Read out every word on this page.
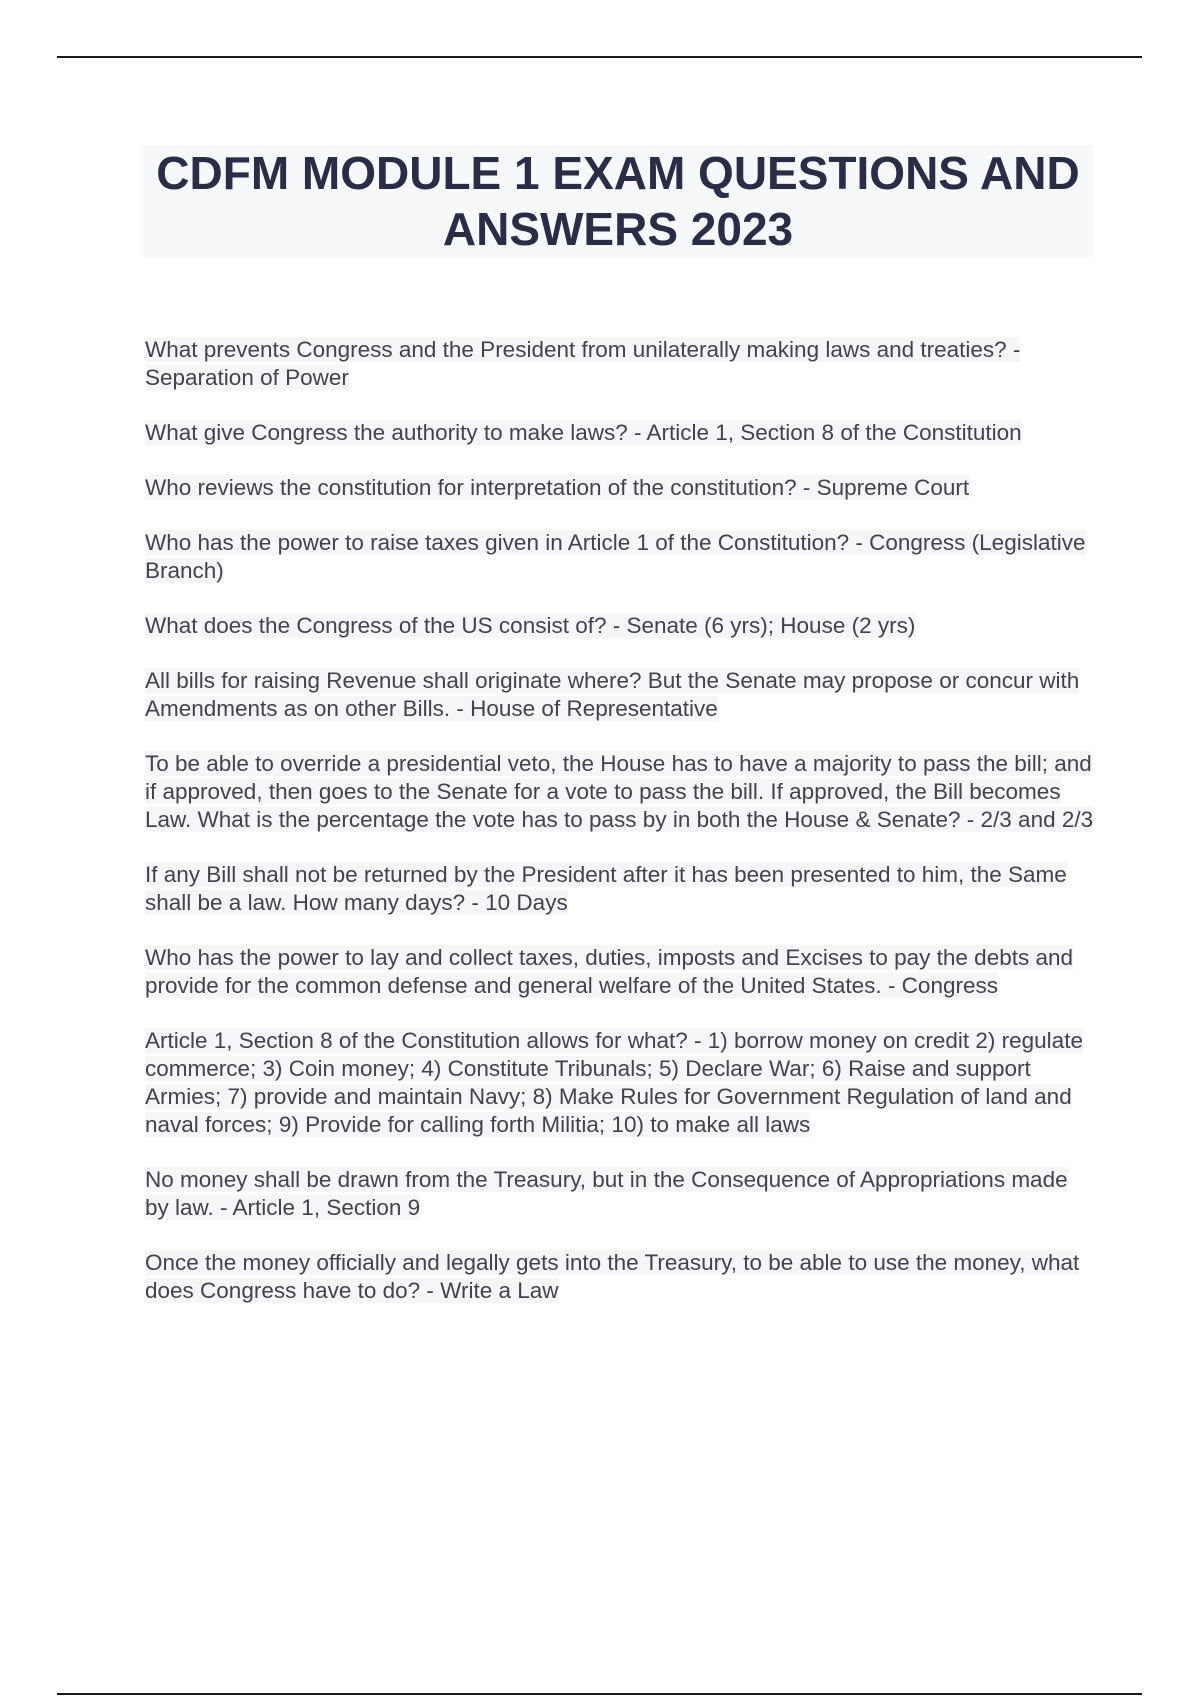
CDFM MODULE 1 EXAM QUESTIONS AND ANSWERS 2023

What prevents Congress and the President from unilaterally making laws and treaties? - Separation of Power

What give Congress the authority to make laws? - Article 1, Section 8 of the Constitution

Who reviews the constitution for interpretation of the constitution? - Supreme Court

Who has the power to raise taxes given in Article 1 of the Constitution? - Congress (Legislative Branch)

What does the Congress of the US consist of? - Senate (6 yrs); House (2 yrs)

All bills for raising Revenue shall originate where? But the Senate may propose or concur with Amendments as on other Bills. - House of Representative

To be able to override a presidential veto, the House has to have a majority to pass the bill; and if approved, then goes to the Senate for a vote to pass the bill. If approved, the Bill becomes Law. What is the percentage the vote has to pass by in both the House & Senate? - 2/3 and 2/3

If any Bill shall not be returned by the President after it has been presented to him, the Same shall be a law. How many days? - 10 Days

Who has the power to lay and collect taxes, duties, imposts and Excises to pay the debts and provide for the common defense and general welfare of the United States. - Congress

Article 1, Section 8 of the Constitution allows for what? - 1) borrow money on credit 2) regulate commerce; 3) Coin money; 4) Constitute Tribunals; 5) Declare War; 6) Raise and support Armies; 7) provide and maintain Navy; 8) Make Rules for Government Regulation of land and naval forces; 9) Provide for calling forth Militia; 10) to make all laws

No money shall be drawn from the Treasury, but in the Consequence of Appropriations made by law. - Article 1, Section 9

Once the money officially and legally gets into the Treasury, to be able to use the money, what does Congress have to do? - Write a Law
